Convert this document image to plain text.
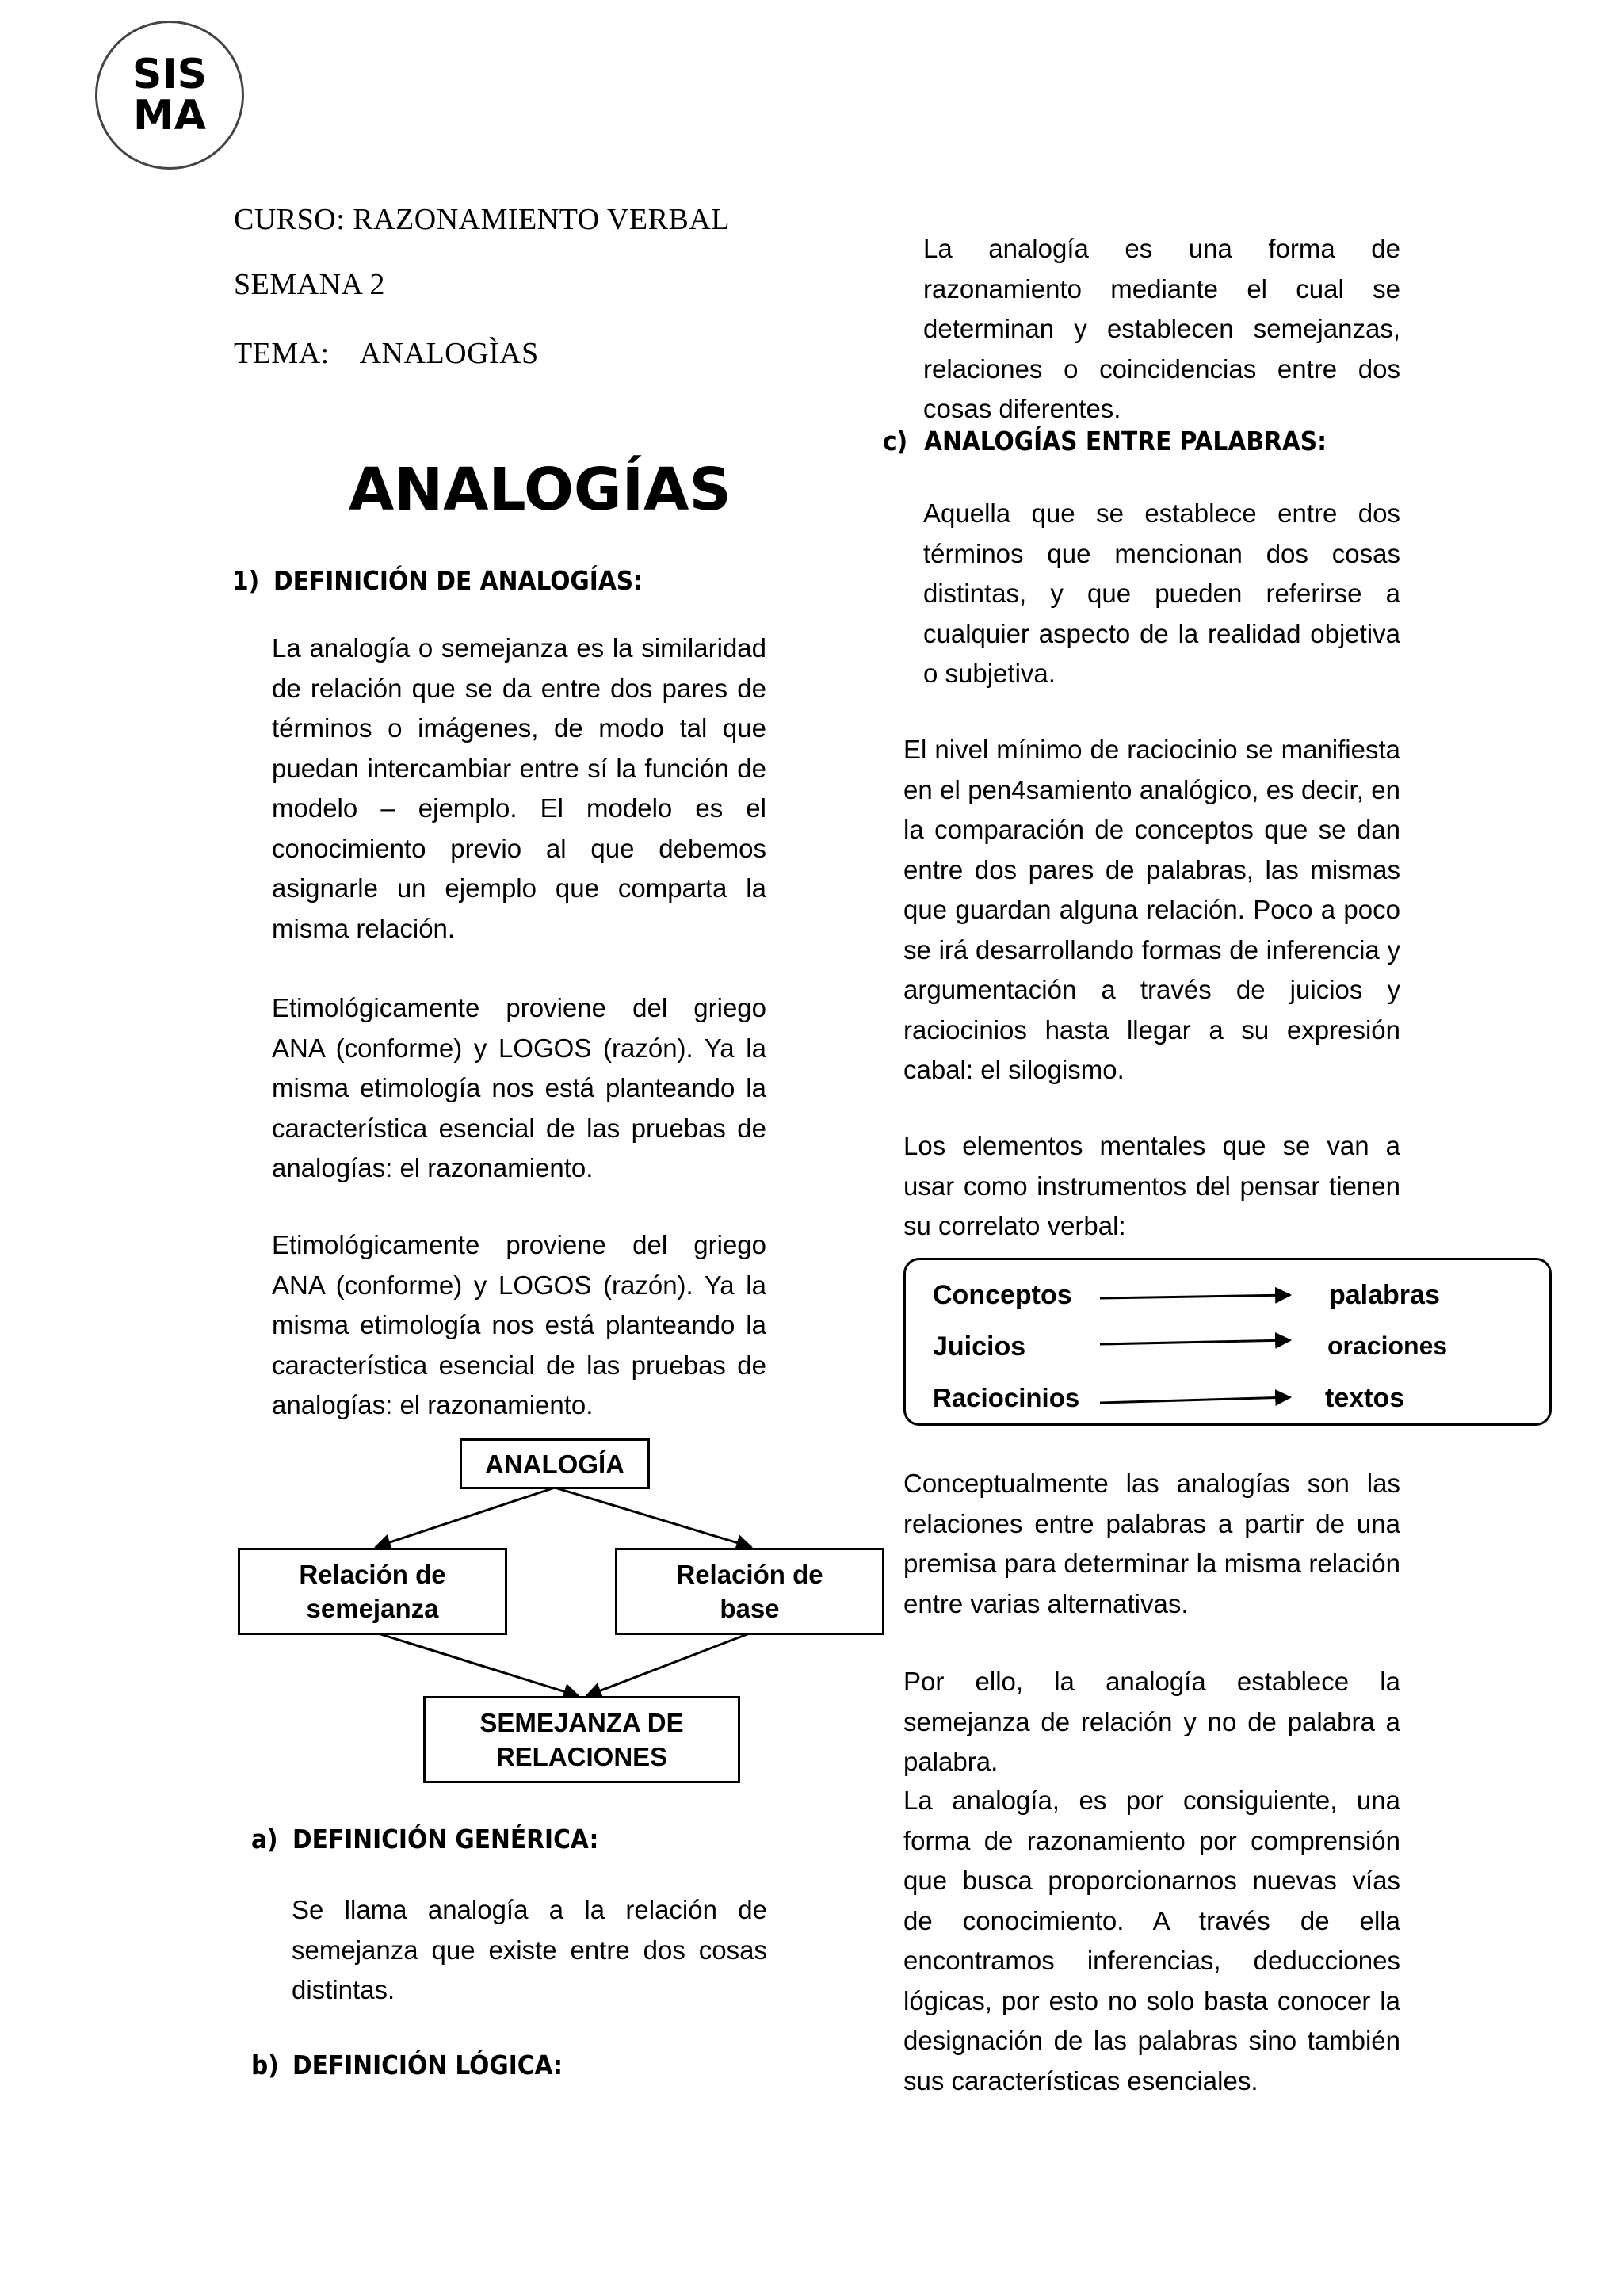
SIS
MA
CURSO: RAZONAMIENTO VERBAL
SEMANA 2
TEMA:    ANALOGÌAS
ANALOGÍAS
1) DEFINICIÓN DE ANALOGÍAS:

La analogía o semejanza es la similaridad de relación que se da entre dos pares de términos o imágenes, de modo tal que puedan intercambiar entre sí la función de modelo – ejemplo. El modelo es el conocimiento previo al que debemos asignarle un ejemplo que comparta la misma relación.

Etimológicamente proviene del griego ANA (conforme) y LOGOS (razón). Ya la misma etimología nos está planteando la característica esencial de las pruebas de analogías: el razonamiento.

Etimológicamente proviene del griego ANA (conforme) y LOGOS (razón). Ya la misma etimología nos está planteando la característica esencial de las pruebas de analogías: el razonamiento.

ANALOGÍA
Relación de
semejanza
Relación de
base
SEMEJANZA DE
RELACIONES
a) DEFINICIÓN GENÉRICA:

Se llama analogía a la relación de semejanza que existe entre dos cosas distintas.

b) DEFINICIÓN LÓGICA:

La analogía es una forma de razonamiento mediante el cual se determinan y establecen semejanzas, relaciones o coincidencias entre dos cosas diferentes.

c) ANALOGÍAS ENTRE PALABRAS:

Aquella que se establece entre dos términos que mencionan dos cosas distintas, y que pueden referirse a cualquier aspecto de la realidad objetiva o subjetiva.

El nivel mínimo de raciocinio se manifiesta en el pen4samiento analógico, es decir, en la comparación de conceptos que se dan entre dos pares de palabras, las mismas que guardan alguna relación. Poco a poco se irá desarrollando formas de inferencia y argumentación a través de juicios y raciocinios hasta llegar a su expresión cabal: el silogismo.

Los elementos mentales que se van a usar como instrumentos del pensar tienen su correlato verbal:

Conceptos	palabras
Juicios	oraciones
Raciocinios	textos

Conceptualmente las analogías son las relaciones entre palabras a partir de una premisa para determinar la misma relación entre varias alternativas.

Por ello, la analogía establece la semejanza de relación y no de palabra a palabra.

La analogía, es por consiguiente, una forma de razonamiento por comprensión que busca proporcionarnos nuevas vías de conocimiento. A través de ella encontramos inferencias, deducciones lógicas, por esto no solo basta conocer la designación de las palabras sino también sus características esenciales.
